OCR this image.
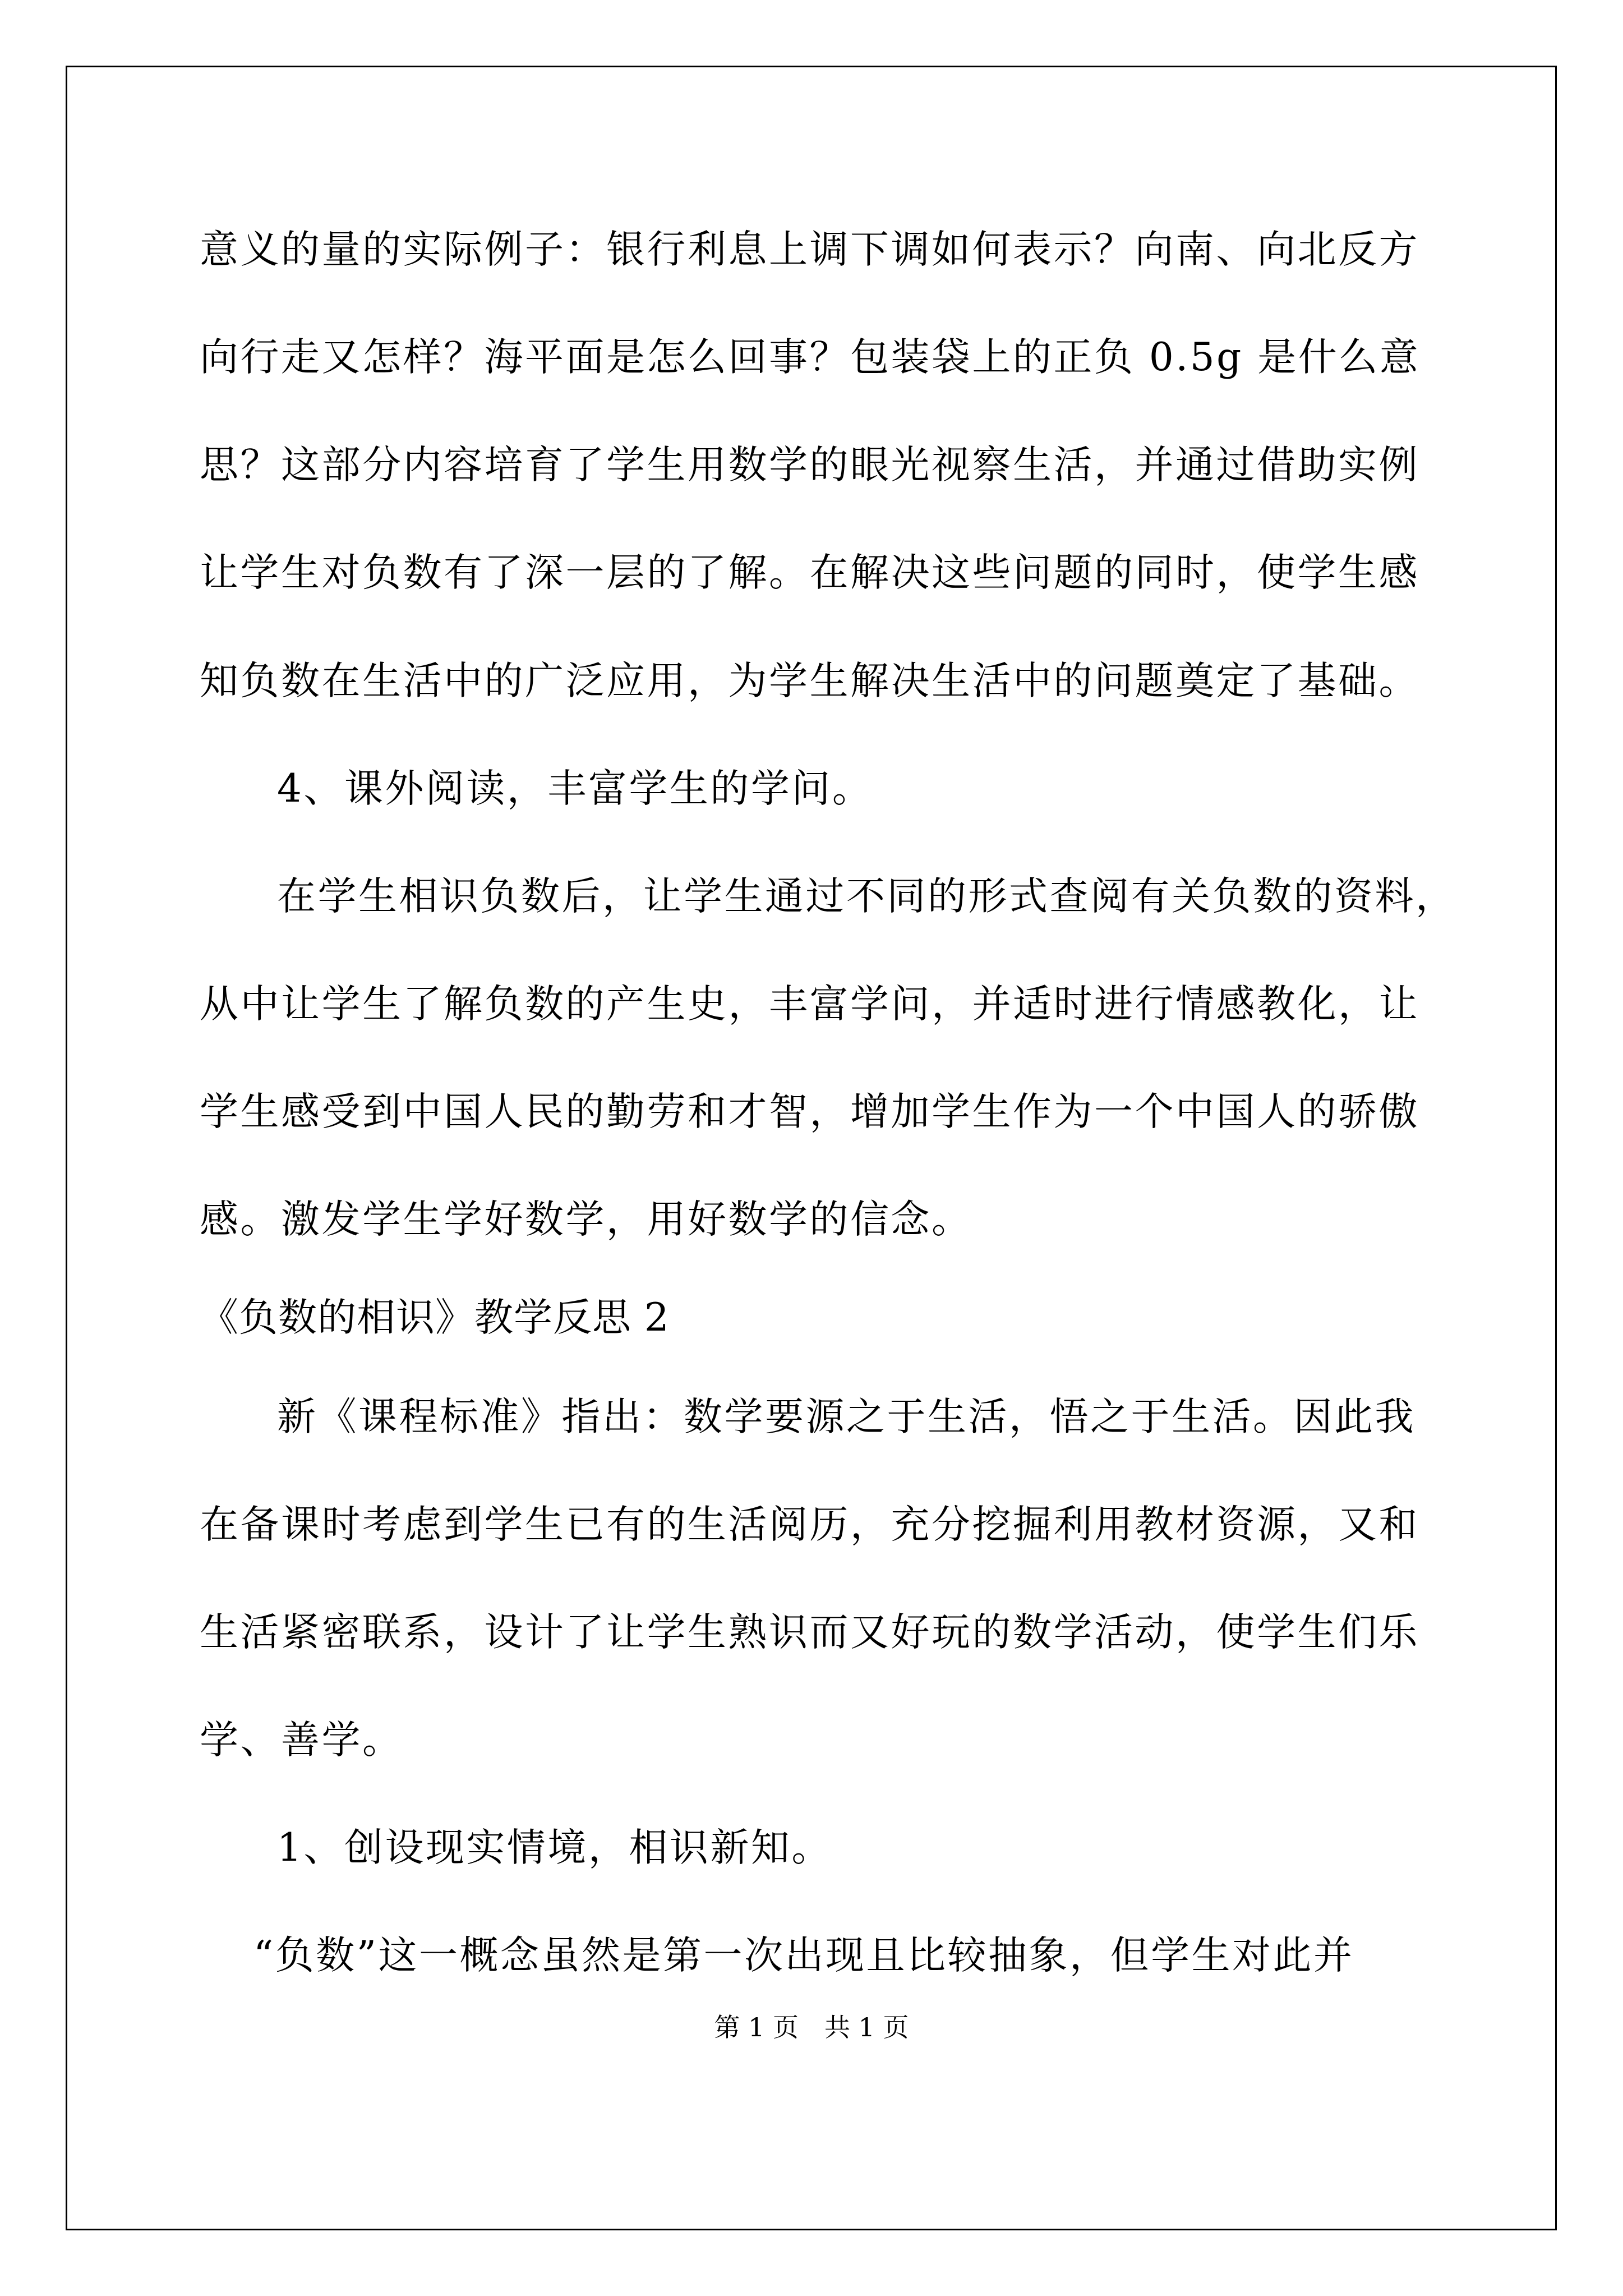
意义的量的实际例子：银行利息上调下调如何表示？向南、向北反方
向行走又怎样？海平面是怎么回事？包装袋上的正负 0.5g 是什么意
思？这部分内容培育了学生用数学的眼光视察生活，并通过借助实例
让学生对负数有了深一层的了解。在解决这些问题的同时，使学生感
知负数在生活中的广泛应用，为学生解决生活中的问题奠定了基础。
4、课外阅读，丰富学生的学问。
在学生相识负数后，让学生通过不同的形式查阅有关负数的资料，
从中让学生了解负数的产生史，丰富学问，并适时进行情感教化，让
学生感受到中国人民的勤劳和才智，增加学生作为一个中国人的骄傲
感。激发学生学好数学，用好数学的信念。
《负数的相识》教学反思 2
新《课程标准》指出：数学要源之于生活，悟之于生活。因此我
在备课时考虑到学生已有的生活阅历，充分挖掘利用教材资源，又和
生活紧密联系，设计了让学生熟识而又好玩的数学活动，使学生们乐
学、善学。
1、创设现实情境，相识新知。
“负数”这一概念虽然是第一次出现且比较抽象，但学生对此并
第 1 页　共 1 页
